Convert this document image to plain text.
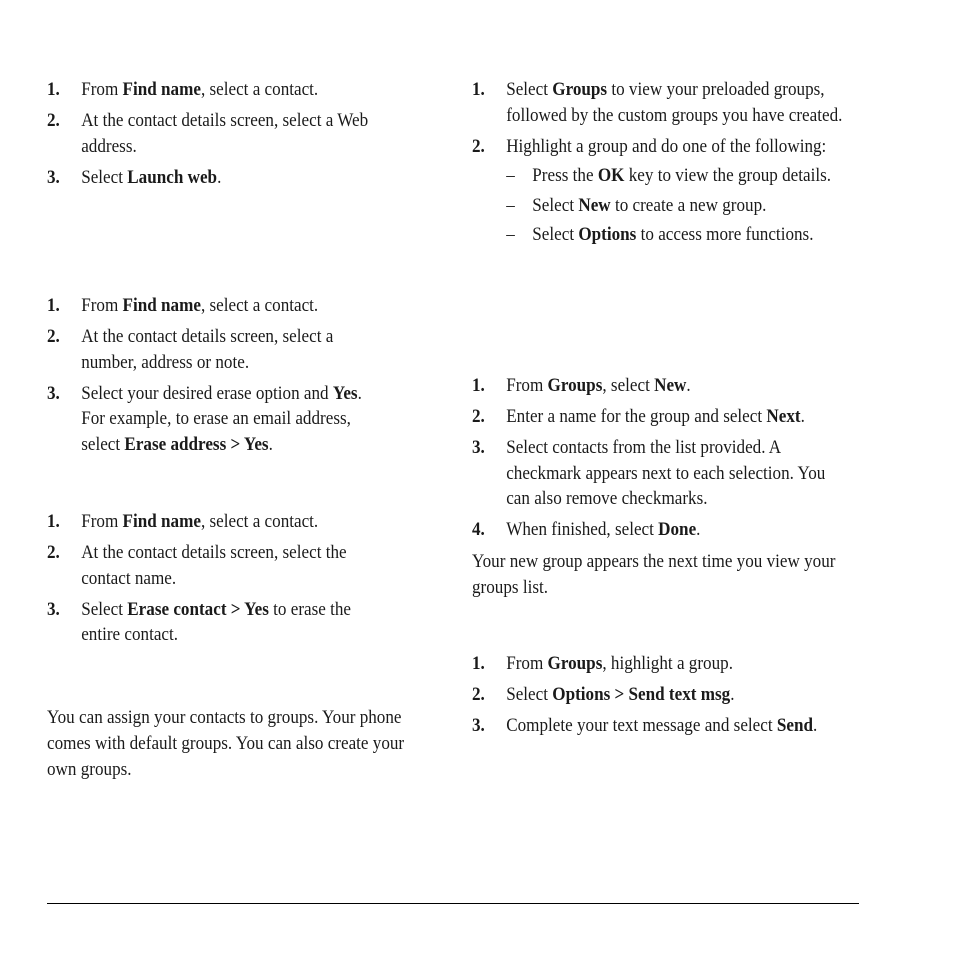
1. From Find name, select a contact.
2. At the contact details screen, select a Web address.
3. Select Launch web.
1. From Find name, select a contact.
2. At the contact details screen, select a number, address or note.
3. Select your desired erase option and Yes. For example, to erase an email address, select Erase address > Yes.
1. From Find name, select a contact.
2. At the contact details screen, select the contact name.
3. Select Erase contact > Yes to erase the entire contact.

You can assign your contacts to groups. Your phone comes with default groups. You can also create your own groups.

1. Select Groups to view your preloaded groups, followed by the custom groups you have created.
2. Highlight a group and do one of the following:
– Press the OK key to view the group details.
– Select New to create a new group.
– Select Options to access more functions.
1. From Groups, select New.
2. Enter a name for the group and select Next.
3. Select contacts from the list provided. A checkmark appears next to each selection. You can also remove checkmarks.
4. When finished, select Done.

Your new group appears the next time you view your groups list.

1. From Groups, highlight a group.
2. Select Options > Send text msg.
3. Complete your text message and select Send.
